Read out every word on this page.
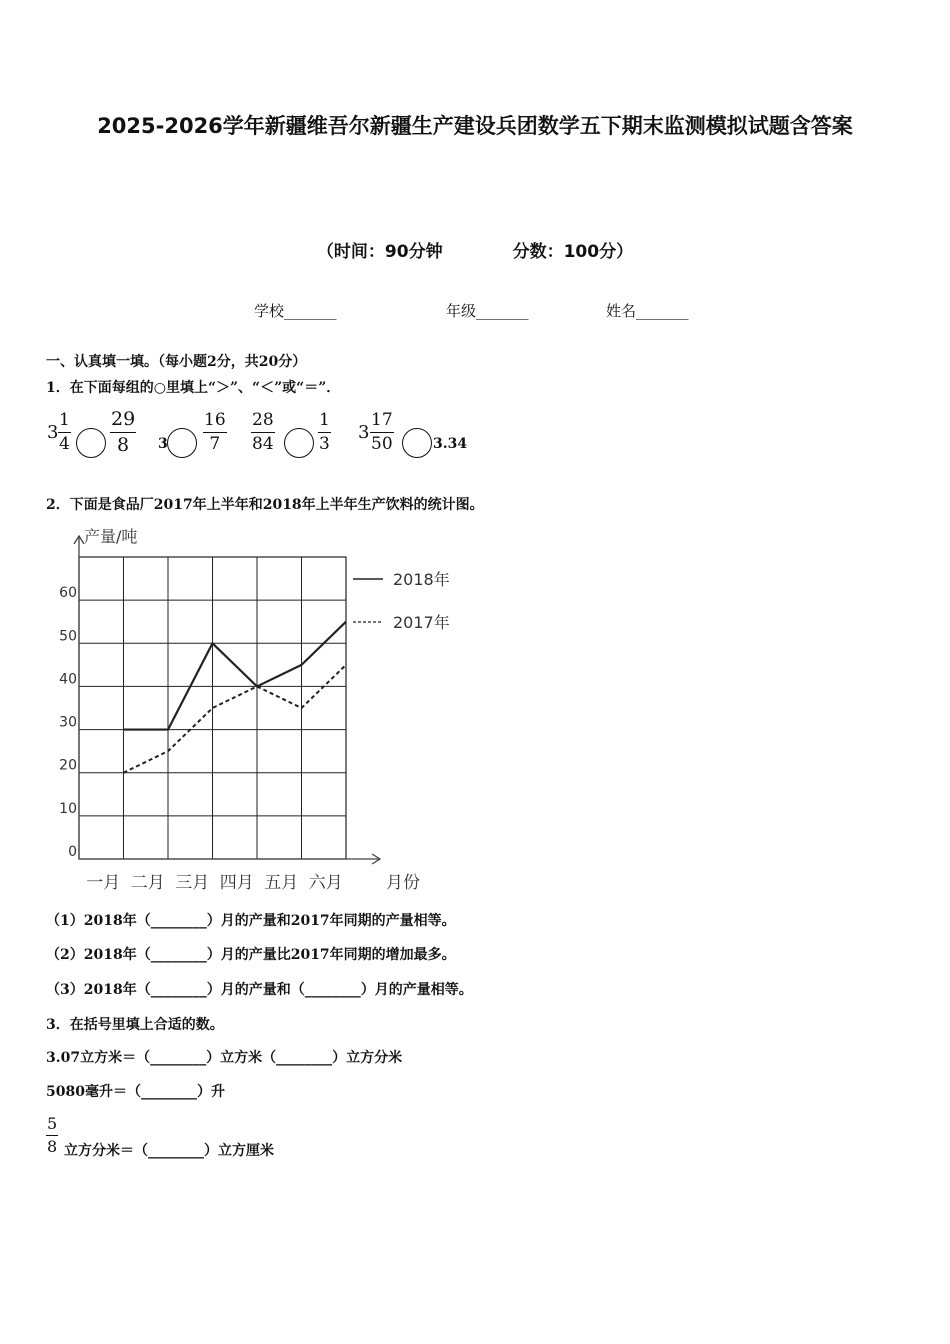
2025-2026学年新疆维吾尔新疆生产建设兵团数学五下期末监测模拟试题含答案
（时间：90分钟	分数：100分）
学校_______	年级_______	姓名_______
一、认真填一填。（每小题2分，共20分）
1．在下面每组的○里填上“＞”、“＜”或“＝”．
3
1
4
29
8	3
16
7
28
84
1
3
3
17
50	3.34
2．下面是食品厂2017年上半年和2018年上半年生产饮料的统计图。
产量/吨
0
10
20
30
40
50
60
一月 二月 三月 四月 五月 六月	月份
2018年
2017年
（1）2018年（________）月的产量和2017年同期的产量相等。
（2）2018年（________）月的产量比2017年同期的增加最多。
（3）2018年（________）月的产量和（________）月的产量相等。
3．在括号里填上合适的数。
3.07立方米＝（________）立方米（________）立方分米
5080毫升＝（________）升
5
8 立方分米＝（________）立方厘米
